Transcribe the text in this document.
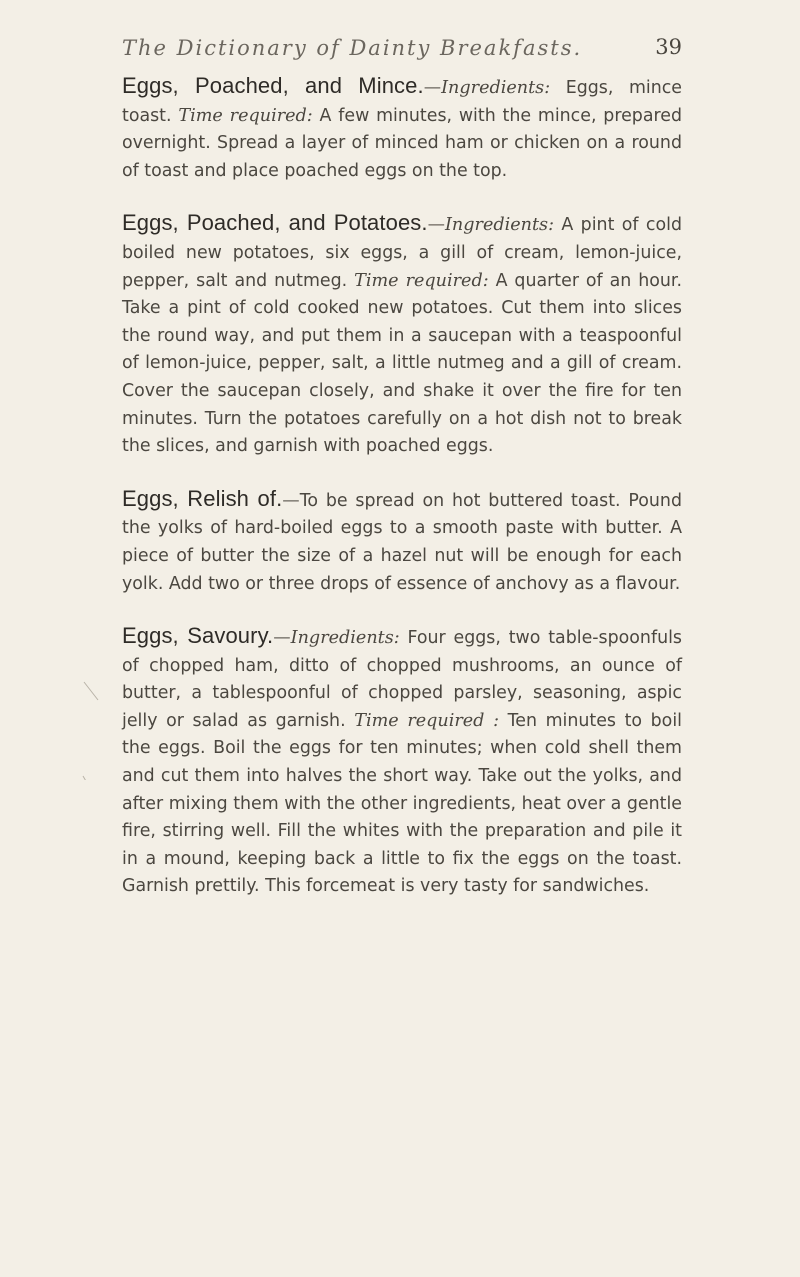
The Dictionary of Dainty Breakfasts.	39

Eggs, Poached, and Mince.—Ingredients: Eggs, mince toast. Time required: A few minutes, with the mince, prepared overnight. Spread a layer of minced ham or chicken on a round of toast and place poached eggs on the top.

Eggs, Poached, and Potatoes.—Ingredients: A pint of cold boiled new potatoes, six eggs, a gill of cream, lemon-juice, pepper, salt and nutmeg. Time required: A quarter of an hour. Take a pint of cold cooked new potatoes. Cut them into slices the round way, and put them in a saucepan with a teaspoonful of lemon-juice, pepper, salt, a little nutmeg and a gill of cream. Cover the saucepan closely, and shake it over the fire for ten minutes. Turn the potatoes carefully on a hot dish not to break the slices, and garnish with poached eggs.

Eggs, Relish of.—To be spread on hot buttered toast. Pound the yolks of hard-boiled eggs to a smooth paste with butter. A piece of butter the size of a hazel nut will be enough for each yolk. Add two or three drops of essence of anchovy as a flavour.

Eggs, Savoury.—Ingredients: Four eggs, two table-spoonfuls of chopped ham, ditto of chopped mushrooms, an ounce of butter, a tablespoonful of chopped parsley, seasoning, aspic jelly or salad as garnish. Time required : Ten minutes to boil the eggs. Boil the eggs for ten minutes; when cold shell them and cut them into halves the short way. Take out the yolks, and after mixing them with the other ingredients, heat over a gentle fire, stirring well. Fill the whites with the preparation and pile it in a mound, keeping back a little to fix the eggs on the toast. Garnish prettily. This forcemeat is very tasty for sandwiches.
